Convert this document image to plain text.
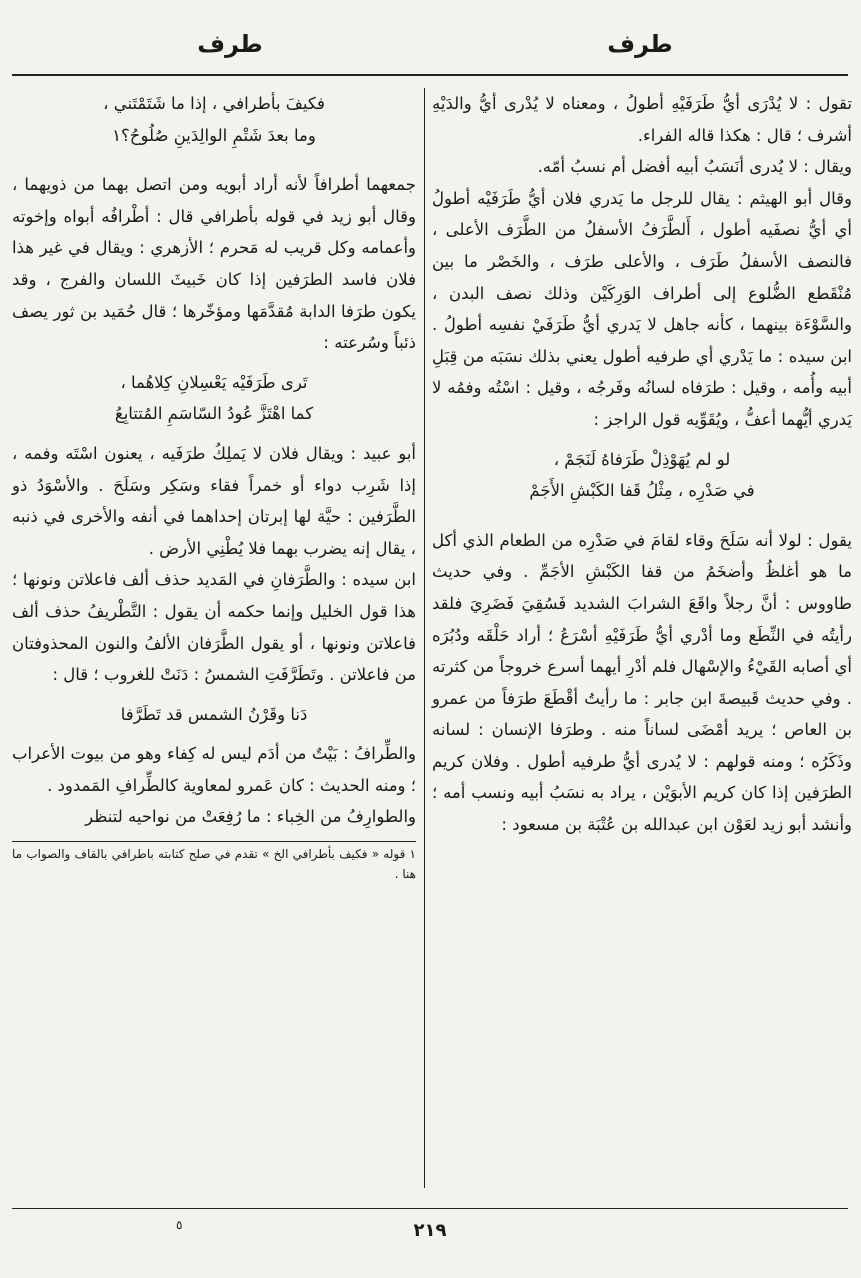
طرف
طرف

تقول : لا يُدْرَى أيُّ طَرَفَيْهِ أطولُ ، ومعناه لا يُدْرى أيُّ والدَيْهِ أشرف ؛ قال : هكذا قاله الفراء.

ويقال : لا يُدرى أنَسَبُ أبيه أفضل أم نسبُ أمّه.

وقال أبو الهيثم : يقال للرجل ما يَدري فلان أيُّ طَرَفَيْه أطولُ أي أيُّ نصفَيه أطول ، أَلطَّرَفُ الأسفلُ من الطَّرَف الأعلى ، فالنصف الأسفلُ طَرَف ، والأعلى طرَف ، والخَصْر ما بين مُنْقَطع الضُّلوع إلى أطراف الوَرِكَيْن وذلك نصف البدن ، والسَّوْءَة بينهما ، كأنه جاهل لا يَدري أيُّ طَرَفَيْ نفسِه أطولُ . ابن سيده : ما يَدْري أي طرفيه أطول يعني بذلك نسَبَه من قِبَلِ أبيه وأُمه ، وقيل : طرَفاه لسانُه وفَرجُه ، وقيل : اسْتُه وفمُه لا يَدري أيُّهما أعفُّ ، ويُقَوِّيه قول الراجز :

لو لم يُهَوْذِلْ طَرَفاهُ لَنَجَمْ ،

في صَدْرِه ، مِثْلُ قَفا الكَبْشِ الأَجَمْ

يقول : لولا أنه سَلَحَ وقاء لقامَ في صَدْرِه من الطعام الذي أكل ما هو أغلظُ وأضخَمُ من قفا الكَبْشِ الأجَمِّ . وفي حديث طاووس : أنَّ رجلاً واقَعَ الشرابَ الشديد فَسُقِيَ فَضَرِيَ فلقد رأيتُه في النِّطَع وما أدْري أيُّ طَرَفَيْهِ أسْرَعُ ؛ أراد حَلْقَه ودُبُرَه أي أصابه القَيْءُ والإسْهال فلم أدْرِ أيهما أسرع خروجاً من كثرته . وفي حديث قَبيصةَ ابن جابر : ما رأيتُ أقْطَعَ طرَفاً من عمرو بن العاص ؛ يريد أمْضَى لساناً منه . وطرَفا الإنسان : لسانه وذَكَرُه ؛ ومنه قولهم : لا يُدرى أيُّ طرفيه أطول . وفلان كريم الطرَفين إذا كان كريم الأبوَيْن ، يراد به نسَبُ أبيه ونسب أمه ؛ وأنشد أبو زيد لعَوْن ابن عبدالله بن عُتْبَة بن مسعود :

فكيفَ بأطرافي ، إذا ما شَتَمْتَني ،

وما بعدَ شَتْمِ الوالِدَينِ صُلُوحُ؟١

جمعهما أطرافاً لأنه أراد أبويه ومن اتصل بهما من ذويهما ، وقال أبو زيد في قوله بأطرافي قال : أطْرافُه أبواه وإخوته وأعمامه وكل قريب له مَحرم ؛ الأزهري : ويقال في غير هذا فلان فاسد الطرَفين إذا كان خَبيثَ اللسان والفرج ، وقد يكون طرَفا الدابة مُقدَّمَها ومؤخّرها ؛ قال حُمَيد بن ثور يصف ذئباً وسُرعته :

تَرى طَرَفَيْه يَعْسِلانِ كِلاهُما ،

كما اهْتَزَّ عُودُ السّاسَمِ المُتتابِعُ

أبو عبيد : ويقال فلان لا يَملِكُ طرَفَيه ، يعنون اسْتَه وفمه ، إذا شَرِب دواء أو خمراً فقاء وسَكِر وسَلَحَ . والأسْوَدُ ذو الطَّرَفين : حيَّة لها إبرتان إحداهما في أنفه والأخرى في ذنبه ، يقال إنه يضرب بهما فلا يُطْنِي الأرض .

ابن سيده : والطَّرَفانِ في المَديد حذف ألف فاعلاتن ونونها ؛ هذا قول الخليل وإنما حكمه أن يقول : التَّطْريفُ حذف ألف فاعلاتن ونونها ، أو يقول الطَّرَفان الألفُ والنون المحذوفتان من فاعلاتن . وتَطَرَّفَتِ الشمسُ : دَنَتْ للغروب ؛ قال :

دَنا وقَرْنُ الشمس قد تَطَرَّفا

والطِّرافُ : بَيْتٌ من أدَم ليس له كِفاء وهو من بيوت الأعراب ؛ ومنه الحديث : كان عَمرو لمعاوية كالطِّرافِ المَمدود .

والطوارِفُ من الخِباء : ما رُفِعَتْ من نواحيه لتنظر

١ قوله « فكيف بأطرافي الخ » تقدم في صلح كتابته باطرافي بالقاف والصواب ما هنا .

٥	٢١٩
